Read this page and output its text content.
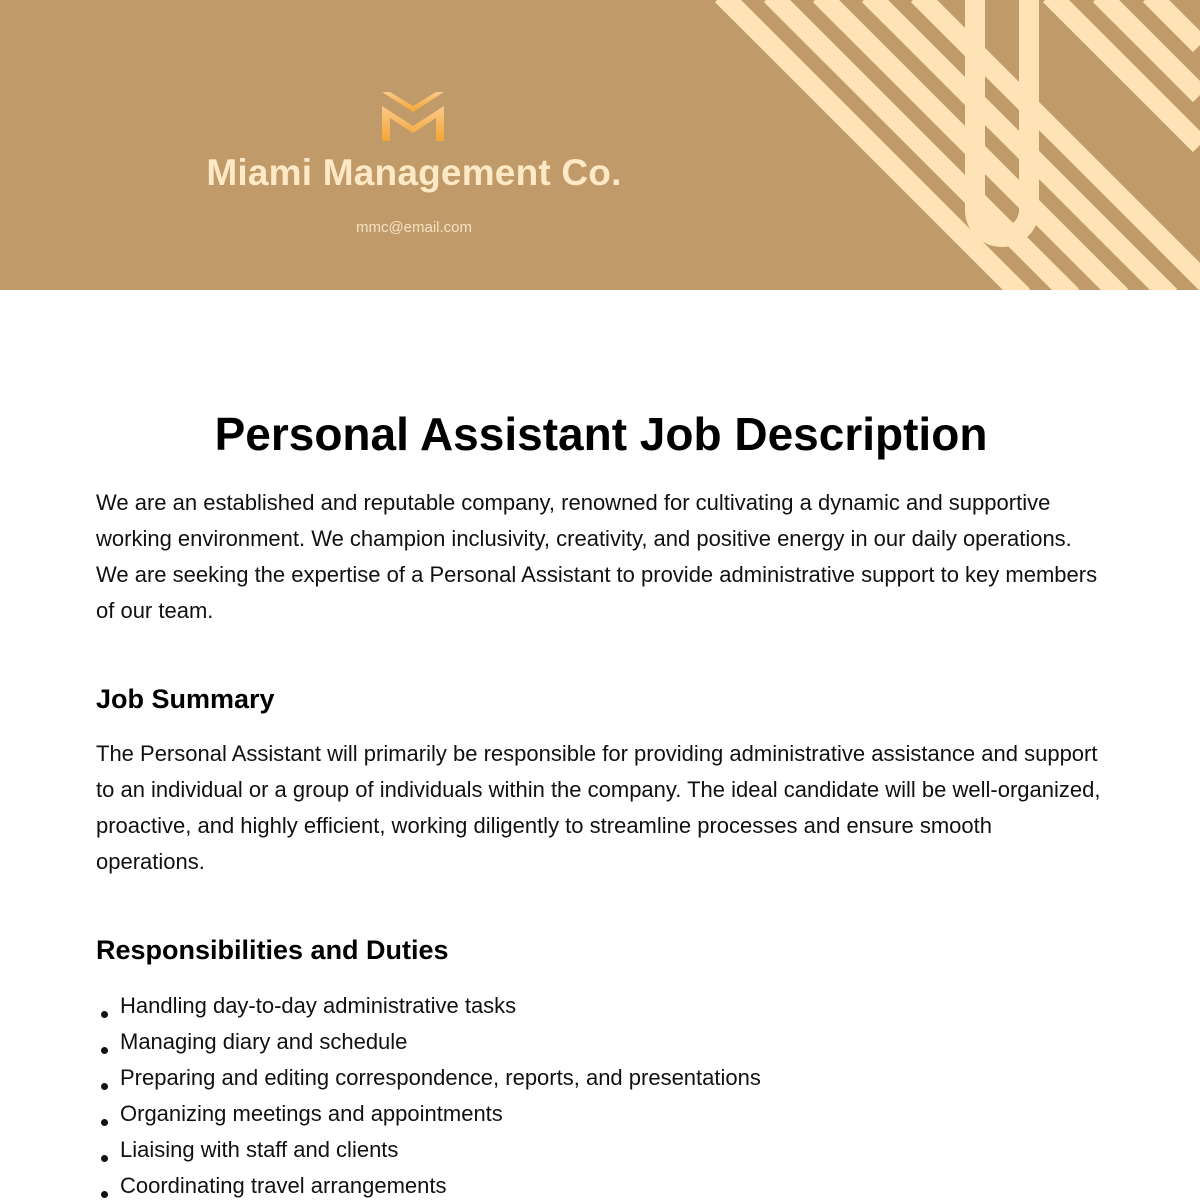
Miami Management Co.
mmc@email.com
Personal Assistant Job Description

We are an established and reputable company, renowned for cultivating a dynamic and supportive working environment. We champion inclusivity, creativity, and positive energy in our daily operations. We are seeking the expertise of a Personal Assistant to provide administrative support to key members of our team.

Job Summary

The Personal Assistant will primarily be responsible for providing administrative assistance and support to an individual or a group of individuals within the company. The ideal candidate will be well-organized, proactive, and highly efficient, working diligently to streamline processes and ensure smooth operations.

Responsibilities and Duties
Handling day-to-day administrative tasks
Managing diary and schedule
Preparing and editing correspondence, reports, and presentations
Organizing meetings and appointments
Liaising with staff and clients
Coordinating travel arrangements
